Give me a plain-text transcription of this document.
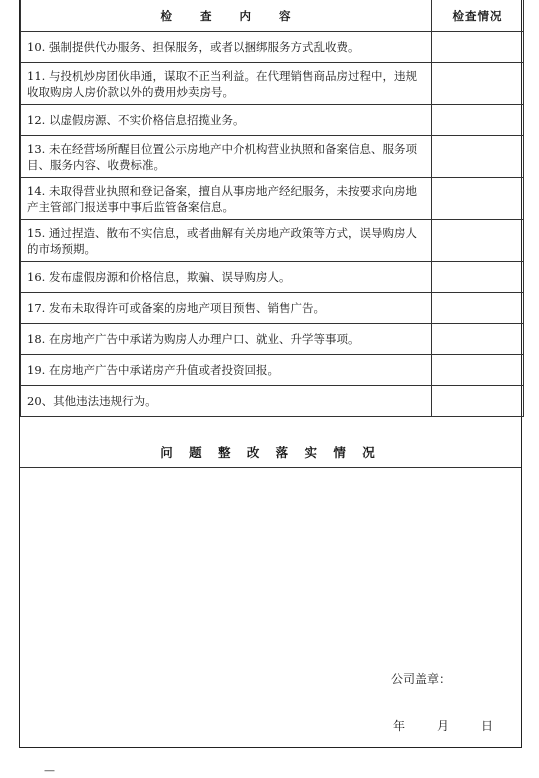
检 查 内 容	检查情况
10. 强制提供代办服务、担保服务，或者以捆绑服务方式乱收费。	
11. 与投机炒房团伙串通，谋取不正当利益。在代理销售商品房过程中，违规收取购房人房价款以外的费用炒卖房号。	
12. 以虚假房源、不实价格信息招揽业务。	
13. 未在经营场所醒目位置公示房地产中介机构营业执照和备案信息、服务项目、服务内容、收费标准。	
14. 未取得营业执照和登记备案，擅自从事房地产经纪服务，未按要求向房地产主管部门报送事中事后监管备案信息。	
15. 通过捏造、散布不实信息，或者曲解有关房地产政策等方式，误导购房人的市场预期。	
16. 发布虚假房源和价格信息，欺骗、误导购房人。	
17. 发布未取得许可或备案的房地产项目预售、销售广告。	
18. 在房地产广告中承诺为购房人办理户口、就业、升学等事项。	
19. 在房地产广告中承诺房产升值或者投资回报。	
20、其他违法违规行为。	
问 题 整 改 落 实 情 况
公司盖章：
年	月	日
—
